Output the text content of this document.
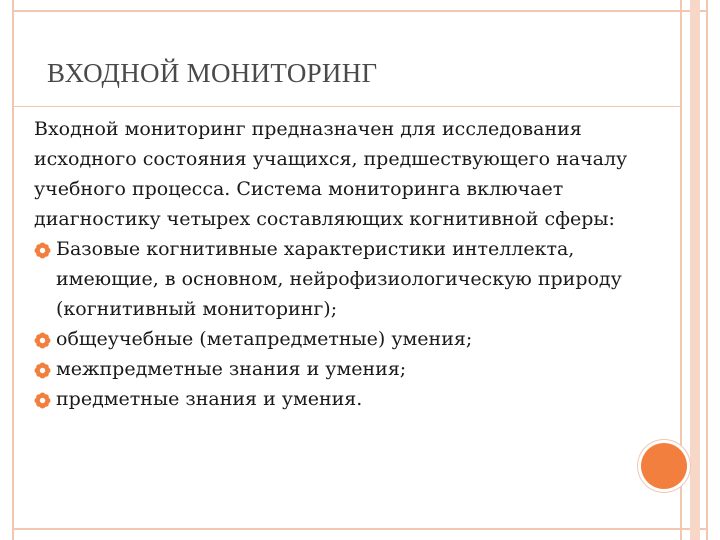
ВХОДНОЙ МОНИТОРИНГ

Входной мониторинг предназначен для исследования исходного состояния учащихся, предшествующего началу учебного процесса. Система мониторинга включает диагностику четырех составляющих когнитивной сферы:

Базовые когнитивные характеристики интеллекта, имеющие, в основном, нейрофизиологическую природу (когнитивный мониторинг);
общеучебные (метапредметные) умения;
межпредметные знания и умения;
предметные знания и умения.
